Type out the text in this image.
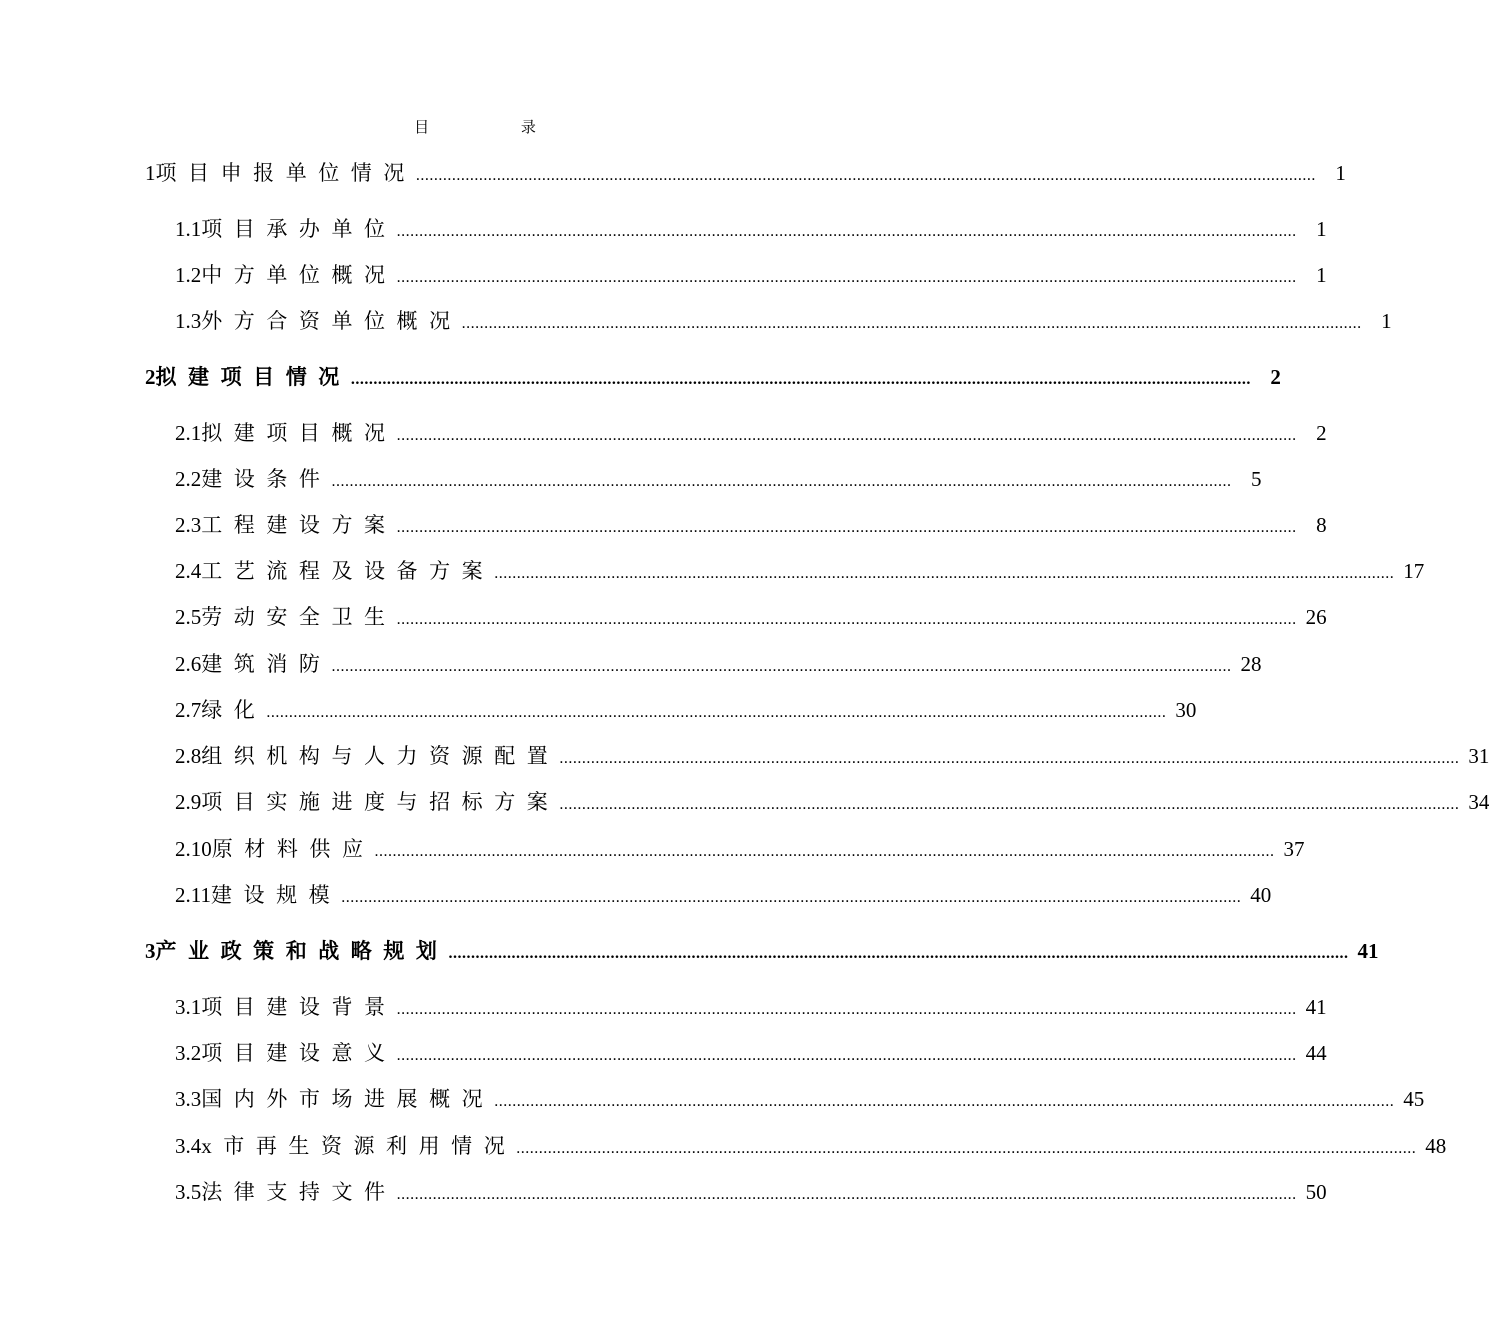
目 录
1 项目申报单位情况 ........................................................................................................................................................................................................ 1
1.1 项目承办单位 ........................................................................................................................................................................................................ 1
1.2 中方单位概况 ........................................................................................................................................................................................................ 1
1.3 外方合资单位概况 ........................................................................................................................................................................................................ 1
2 拟建项目情况 ........................................................................................................................................................................................................ 2
2.1 拟建项目概况 ........................................................................................................................................................................................................ 2
2.2 建设条件 ........................................................................................................................................................................................................ 5
2.3 工程建设方案 ........................................................................................................................................................................................................ 8
2.4 工艺流程及设备方案 ........................................................................................................................................................................................................ 17
2.5 劳动安全卫生 ........................................................................................................................................................................................................ 26
2.6 建筑消防 ........................................................................................................................................................................................................ 28
2.7 绿化 ........................................................................................................................................................................................................ 30
2.8 组织机构与人力资源配置 ........................................................................................................................................................................................................ 31
2.9 项目实施进度与招标方案 ........................................................................................................................................................................................................ 34
2.10 原材料供应 ........................................................................................................................................................................................................ 37
2.11 建设规模 ........................................................................................................................................................................................................ 40
3 产业政策和战略规划 ........................................................................................................................................................................................................ 41
3.1 项目建设背景 ........................................................................................................................................................................................................ 41
3.2 项目建设意义 ........................................................................................................................................................................................................ 44
3.3 国内外市场进展概况 ........................................................................................................................................................................................................ 45
3.4 x市再生资源利用情况 ........................................................................................................................................................................................................ 48
3.5 法律支持文件 ........................................................................................................................................................................................................ 50
